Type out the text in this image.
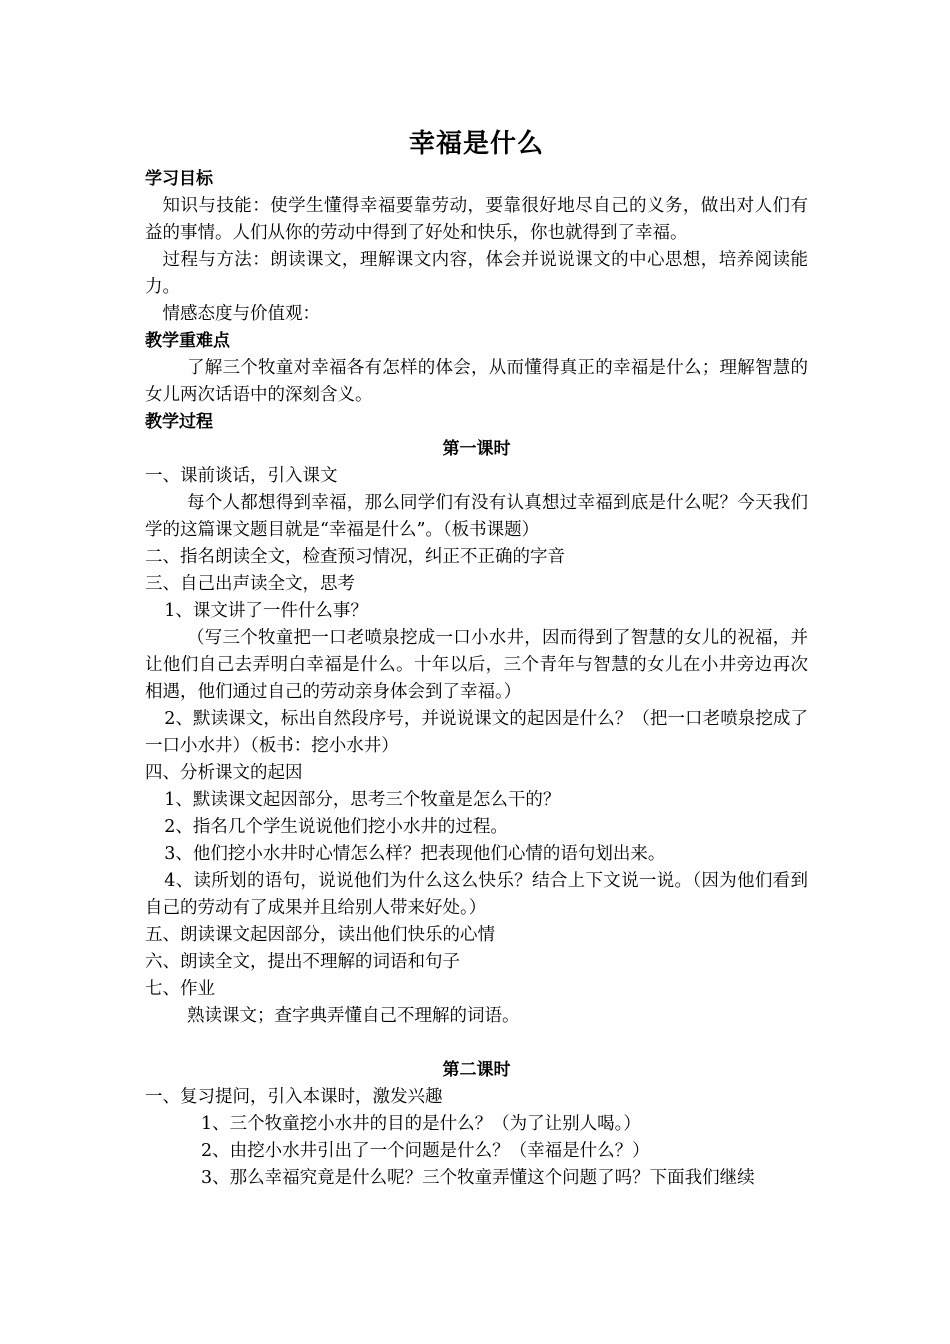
幸福是什么
学习目标
知识与技能：使学生懂得幸福要靠劳动，要靠很好地尽自己的义务，做出对人们有益的事情。人们从你的劳动中得到了好处和快乐，你也就得到了幸福。
过程与方法：朗读课文，理解课文内容，体会并说说课文的中心思想，培养阅读能力。
情感态度与价值观：
教学重难点
了解三个牧童对幸福各有怎样的体会，从而懂得真正的幸福是什么；理解智慧的女儿两次话语中的深刻含义。
教学过程
第一课时
一、课前谈话，引入课文
每个人都想得到幸福，那么同学们有没有认真想过幸福到底是什么呢？今天我们学的这篇课文题目就是“幸福是什么”。（板书课题）
二、指名朗读全文，检查预习情况，纠正不正确的字音
三、自己出声读全文，思考
1、课文讲了一件什么事？
（写三个牧童把一口老喷泉挖成一口小水井，因而得到了智慧的女儿的祝福，并让他们自己去弄明白幸福是什么。十年以后，三个青年与智慧的女儿在小井旁边再次相遇，他们通过自己的劳动亲身体会到了幸福。）
2、默读课文，标出自然段序号，并说说课文的起因是什么？（把一口老喷泉挖成了一口小水井）（板书：挖小水井）
四、分析课文的起因
1、默读课文起因部分，思考三个牧童是怎么干的？
2、指名几个学生说说他们挖小水井的过程。
3、他们挖小水井时心情怎么样？把表现他们心情的语句划出来。
4、读所划的语句，说说他们为什么这么快乐？结合上下文说一说。（因为他们看到自己的劳动有了成果并且给别人带来好处。）
五、朗读课文起因部分，读出他们快乐的心情
六、朗读全文，提出不理解的词语和句子
七、作业
熟读课文；查字典弄懂自己不理解的词语。
第二课时
一、复习提问，引入本课时，激发兴趣
1、三个牧童挖小水井的目的是什么？（为了让别人喝。）
2、由挖小水井引出了一个问题是什么？（幸福是什么？）
3、那么幸福究竟是什么呢？三个牧童弄懂这个问题了吗？下面我们继续
